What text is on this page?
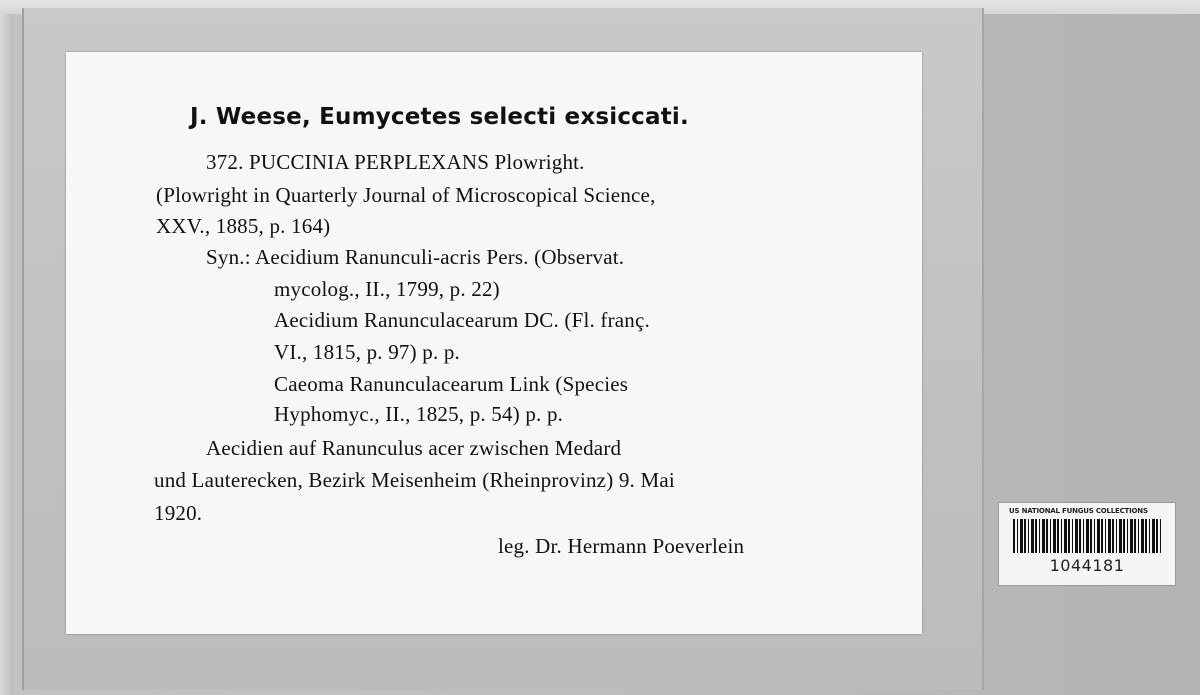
J. Weese, Eumycetes selecti exsiccati.
372. PUCCINIA PERPLEXANS Plowright.
(Plowright in Quarterly Journal of Microscopical Science,
XXV., 1885, p. 164)
Syn.: Aecidium Ranunculi-acris Pers. (Observat.
mycolog., II., 1799, p. 22)
Aecidium Ranunculacearum DC. (Fl. franç.
VI., 1815, p. 97) p. p.
Caeoma Ranunculacearum Link (Species
Hyphomyc., II., 1825, p. 54) p. p.
Aecidien auf Ranunculus acer zwischen Medard
und Lauterecken, Bezirk Meisenheim (Rheinprovinz) 9. Mai
1920.
leg. Dr. Hermann Poeverlein
US NATIONAL FUNGUS COLLECTIONS
1044181
